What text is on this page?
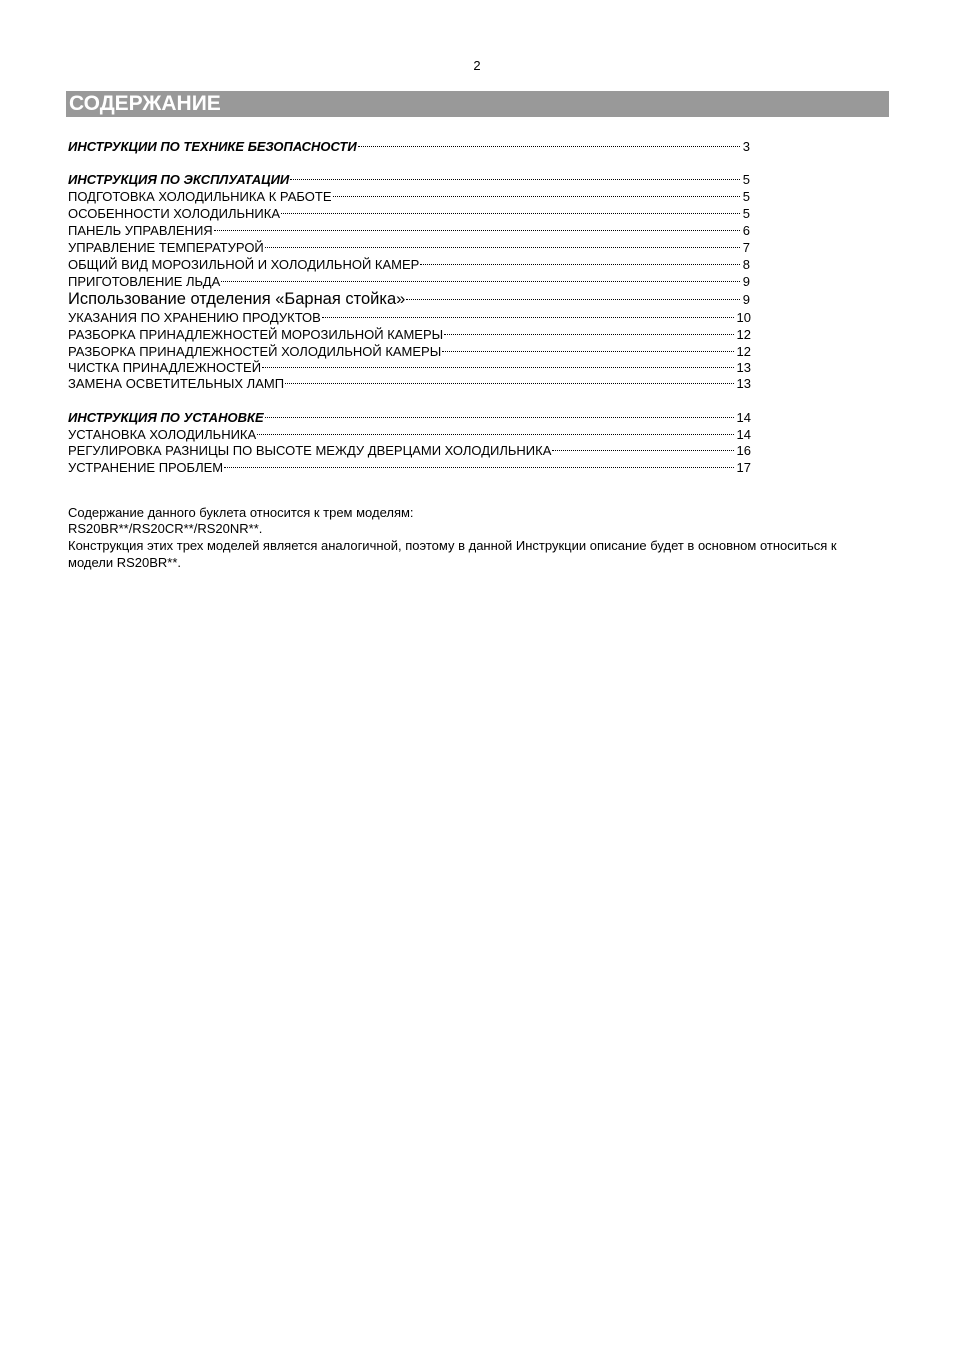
2
СОДЕРЖАНИЕ
ИНСТРУКЦИИ ПО ТЕХНИКЕ БЕЗОПАСНОСТИ	3
ИНСТРУКЦИЯ ПО ЭКСПЛУАТАЦИИ	5
ПОДГОТОВКА ХОЛОДИЛЬНИКА К РАБОТЕ	5
ОСОБЕННОСТИ ХОЛОДИЛЬНИКА	5
ПАНЕЛЬ УПРАВЛЕНИЯ	6
УПРАВЛЕНИЕ ТЕМПЕРАТУРОЙ	7
ОБЩИЙ ВИД МОРОЗИЛЬНОЙ И ХОЛОДИЛЬНОЙ КАМЕР	8
ПРИГОТОВЛЕНИЕ ЛЬДА	9
Использование отделения «Барная стойка»	9
УКАЗАНИЯ ПО ХРАНЕНИЮ ПРОДУКТОВ	10
РАЗБОРКА ПРИНАДЛЕЖНОСТЕЙ МОРОЗИЛЬНОЙ КАМЕРЫ	12
РАЗБОРКА ПРИНАДЛЕЖНОСТЕЙ ХОЛОДИЛЬНОЙ КАМЕРЫ	12
ЧИСТКА ПРИНАДЛЕЖНОСТЕЙ	13
ЗАМЕНА ОСВЕТИТЕЛЬНЫХ ЛАМП	13
ИНСТРУКЦИЯ ПО УСТАНОВКЕ	14
УСТАНОВКА ХОЛОДИЛЬНИКА	14
РЕГУЛИРОВКА РАЗНИЦЫ ПО ВЫСОТЕ МЕЖДУ ДВЕРЦАМИ ХОЛОДИЛЬНИКА	16
УСТРАНЕНИЕ ПРОБЛЕМ	17
Содержание данного буклета относится к трем моделям:
RS20BR**/RS20CR**/RS20NR**.
Конструкция этих трех моделей является аналогичной, поэтому в данной Инструкции описание будет в основном относиться к модели RS20BR**.
